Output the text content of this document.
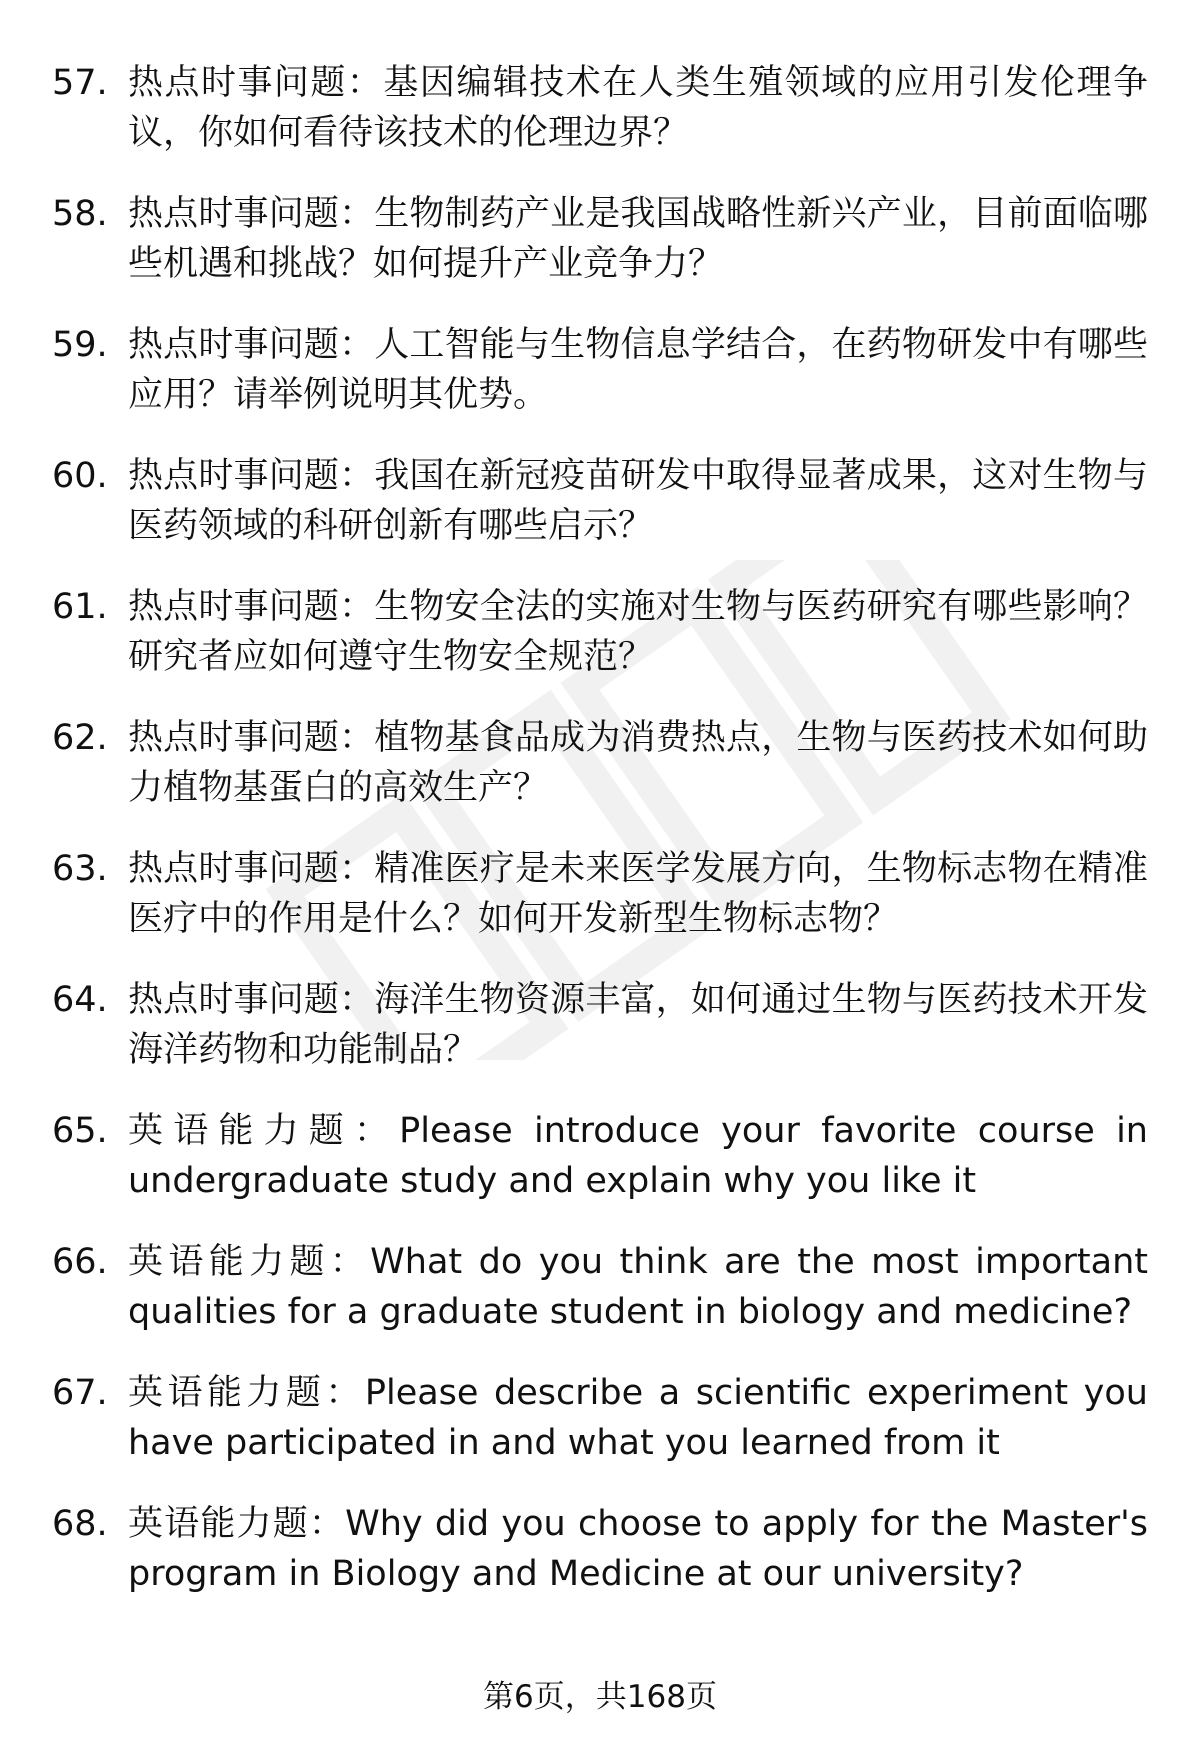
57. 热点时事问题：基因编辑技术在人类生殖领域的应用引发伦理争议，你如何看待该技术的伦理边界？
58. 热点时事问题：生物制药产业是我国战略性新兴产业，目前面临哪些机遇和挑战？如何提升产业竞争力？
59. 热点时事问题：人工智能与生物信息学结合，在药物研发中有哪些应用？请举例说明其优势。
60. 热点时事问题：我国在新冠疫苗研发中取得显著成果，这对生物与医药领域的科研创新有哪些启示？
61. 热点时事问题：生物安全法的实施对生物与医药研究有哪些影响？研究者应如何遵守生物安全规范？
62. 热点时事问题：植物基食品成为消费热点，生物与医药技术如何助力植物基蛋白的高效生产？
63. 热点时事问题：精准医疗是未来医学发展方向，生物标志物在精准医疗中的作用是什么？如何开发新型生物标志物？
64. 热点时事问题：海洋生物资源丰富，如何通过生物与医药技术开发海洋药物和功能制品？
65. 英语能力题：Please introduce your favorite course in undergraduate study and explain why you like it
66. 英语能力题：What do you think are the most important qualities for a graduate student in biology and medicine?
67. 英语能力题：Please describe a scientific experiment you have participated in and what you learned from it
68. 英语能力题：Why did you choose to apply for the Master's program in Biology and Medicine at our university?
第6页，共168页
